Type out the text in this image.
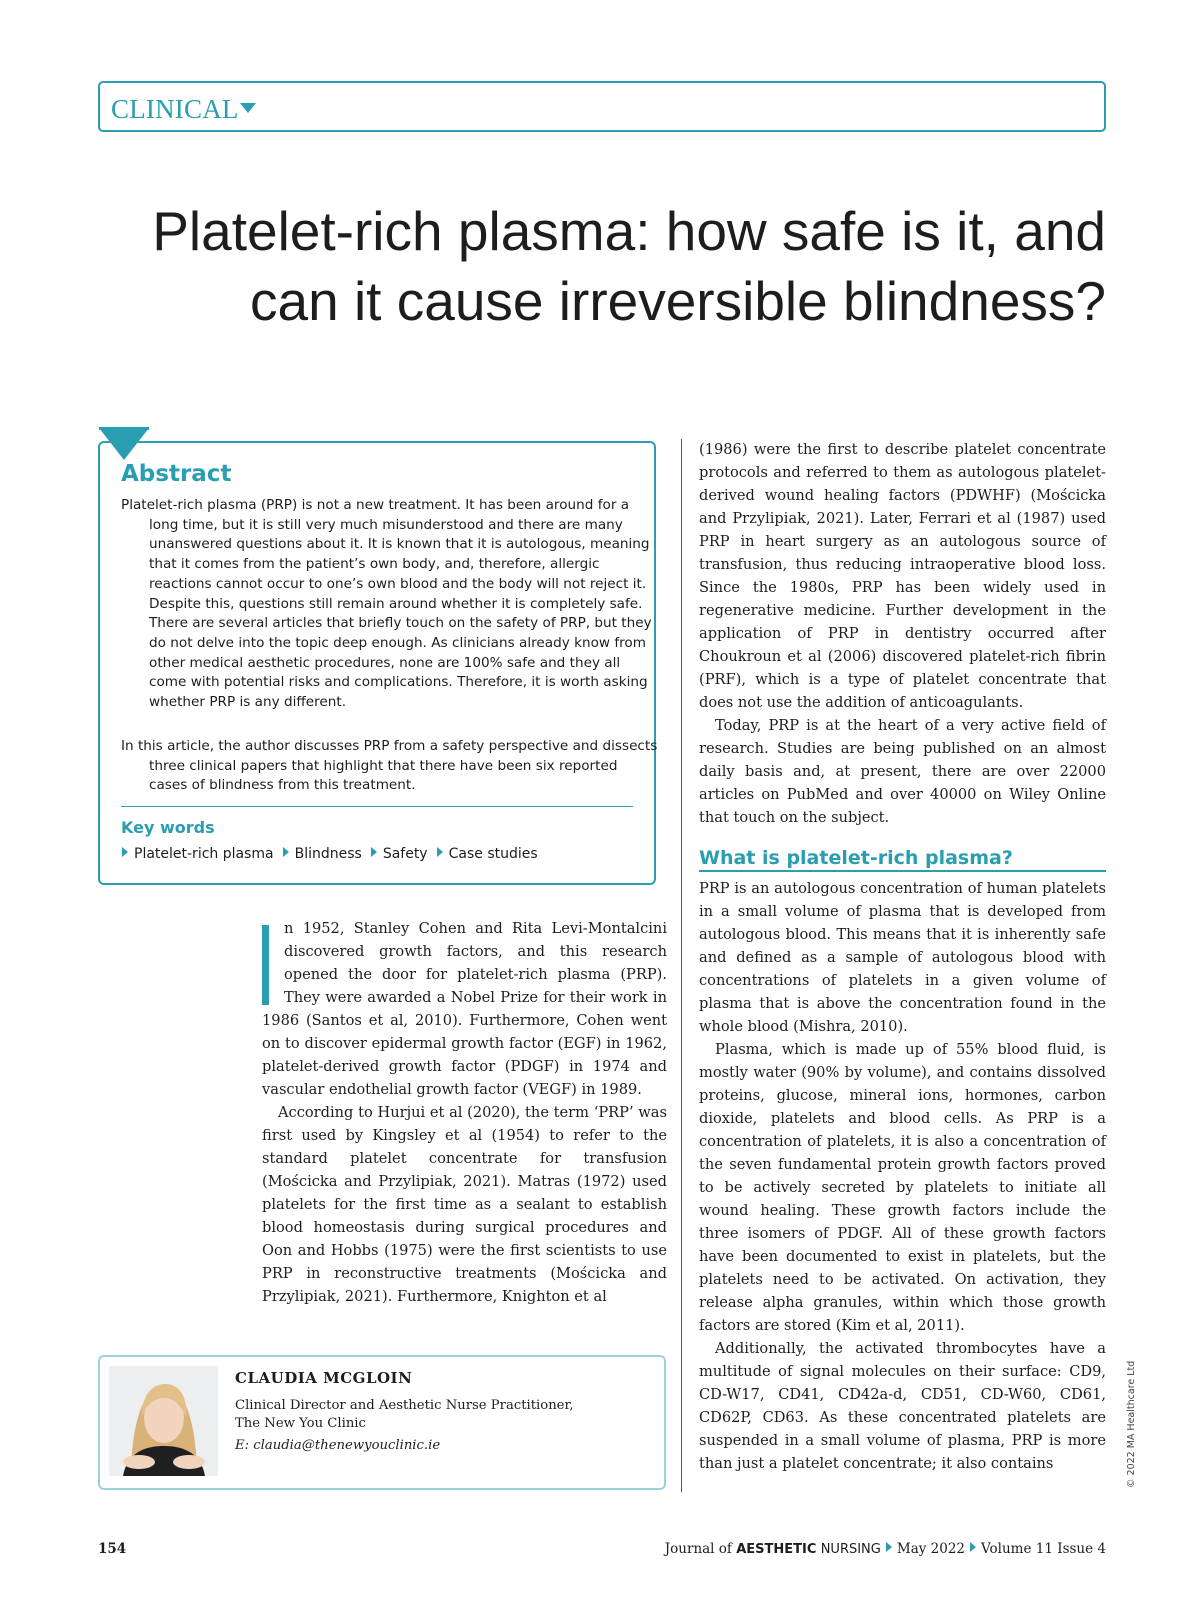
CLINICAL
Platelet-rich plasma: how safe is it, and
can it cause irreversible blindness?
Abstract

Platelet-rich plasma (PRP) is not a new treatment. It has been around for a long time, but it is still very much misunderstood and there are many unanswered questions about it. It is known that it is autologous, meaning that it comes from the patient’s own body, and, therefore, allergic reactions cannot occur to one’s own blood and the body will not reject it. Despite this, questions still remain around whether it is completely safe. There are several articles that briefly touch on the safety of PRP, but they do not delve into the topic deep enough. As clinicians already know from other medical aesthetic procedures, none are 100% safe and they all come with potential risks and complications. Therefore, it is worth asking whether PRP is any different.

In this article, the author discusses PRP from a safety perspective and dissects three clinical papers that highlight that there have been six reported cases of blindness from this treatment.

Key words
Platelet-rich plasma Blindness Safety Case studies

n 1952, Stanley Cohen and Rita Levi-Montalcini discovered growth factors, and this research opened the door for platelet-rich plasma (PRP). They were awarded a Nobel Prize for their work in 1986 (Santos et al, 2010). Furthermore, Cohen went on to discover epidermal growth factor (EGF) in 1962, platelet-derived growth factor (PDGF) in 1974 and vascular endothelial growth factor (VEGF) in 1989.

According to Hurjui et al (2020), the term ‘PRP’ was first used by Kingsley et al (1954) to refer to the standard platelet concentrate for transfusion (Mościcka and Przylipiak, 2021). Matras (1972) used platelets for the first time as a sealant to establish blood homeostasis during surgical procedures and Oon and Hobbs (1975) were the first scientists to use PRP in reconstructive treatments (Mościcka and Przylipiak, 2021). Furthermore, Knighton et al

(1986) were the first to describe platelet concentrate protocols and referred to them as autologous platelet-derived wound healing factors (PDWHF) (Mościcka and Przylipiak, 2021). Later, Ferrari et al (1987) used PRP in heart surgery as an autologous source of transfusion, thus reducing intraoperative blood loss. Since the 1980s, PRP has been widely used in regenerative medicine. Further development in the application of PRP in dentistry occurred after Choukroun et al (2006) discovered platelet-rich fibrin (PRF), which is a type of platelet concentrate that does not use the addition of anticoagulants.

Today, PRP is at the heart of a very active field of research. Studies are being published on an almost daily basis and, at present, there are over 22000 articles on PubMed and over 40000 on Wiley Online that touch on the subject.

What is platelet-rich plasma?

PRP is an autologous concentration of human platelets in a small volume of plasma that is developed from autologous blood. This means that it is inherently safe and defined as a sample of autologous blood with concentrations of platelets in a given volume of plasma that is above the concentration found in the whole blood (Mishra, 2010).

Plasma, which is made up of 55% blood fluid, is mostly water (90% by volume), and contains dissolved proteins, glucose, mineral ions, hormones, carbon dioxide, platelets and blood cells. As PRP is a concentration of platelets, it is also a concentration of the seven fundamental protein growth factors proved to be actively secreted by platelets to initiate all wound healing. These growth factors include the three isomers of PDGF. All of these growth factors have been documented to exist in platelets, but the platelets need to be activated. On activation, they release alpha granules, within which those growth factors are stored (Kim et al, 2011).

Additionally, the activated thrombocytes have a multitude of signal molecules on their surface: CD9, CD-W17, CD41, CD42a-d, CD51, CD-W60, CD61, CD62P, CD63. As these concentrated platelets are suspended in a small volume of plasma, PRP is more than just a platelet concentrate; it also contains

CLAUDIA MCGLOIN
Clinical Director and Aesthetic Nurse Practitioner,
The New You Clinic
E: claudia@thenewyouclinic.ie	© 2022 MA Healthcare Ltd
154	Journal of AESTHETIC NURSING May 2022 Volume 11 Issue 4
